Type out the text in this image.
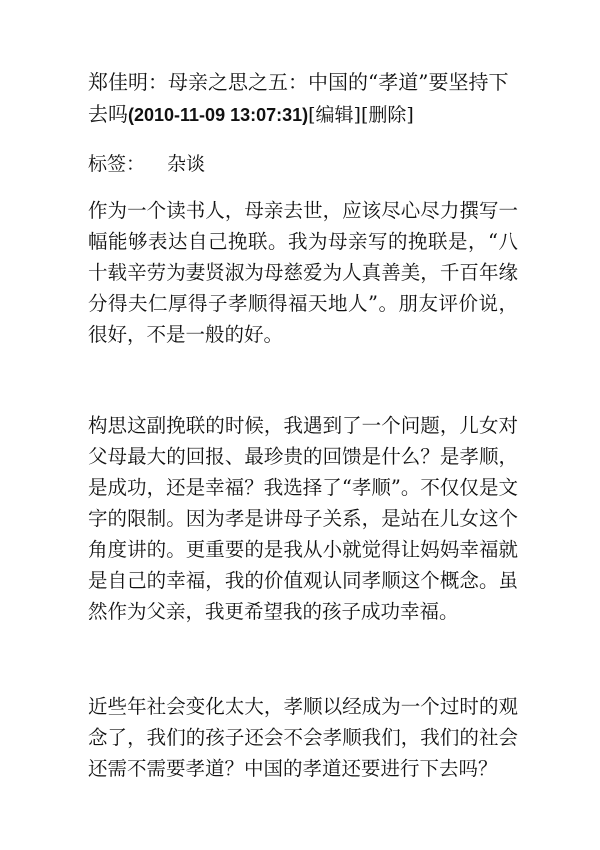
郑佳明：母亲之思之五：中国的“孝道”要坚持下去吗(2010-11-09 13:07:31)[编辑][删除]
标签： 杂谈

作为一个读书人，母亲去世，应该尽心尽力撰写一幅能够表达自己挽联。我为母亲写的挽联是，“八十载辛劳为妻贤淑为母慈爱为人真善美，千百年缘分得夫仁厚得子孝顺得福天地人”。朋友评价说，很好，不是一般的好。

构思这副挽联的时候，我遇到了一个问题，儿女对父母最大的回报、最珍贵的回馈是什么？是孝顺，是成功，还是幸福？我选择了“孝顺”。不仅仅是文字的限制。因为孝是讲母子关系，是站在儿女这个角度讲的。更重要的是我从小就觉得让妈妈幸福就是自己的幸福，我的价值观认同孝顺这个概念。虽然作为父亲，我更希望我的孩子成功幸福。

近些年社会变化太大，孝顺以经成为一个过时的观念了，我们的孩子还会不会孝顺我们，我们的社会还需不需要孝道？中国的孝道还要进行下去吗？
